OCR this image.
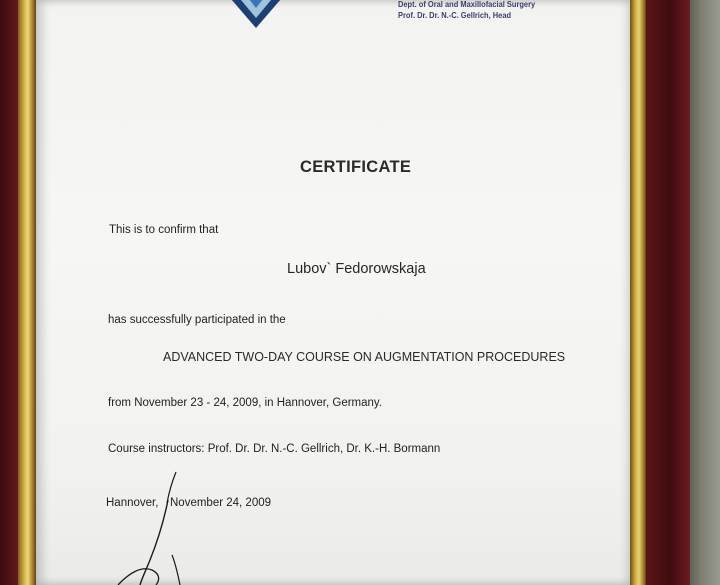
Dept. of Oral and Maxillofacial Surgery
Prof. Dr. Dr. N.-C. Gellrich, Head
CERTIFICATE
This is to confirm that
Lubov` Fedorowskaja
has successfully participated in the
ADVANCED TWO-DAY COURSE ON AUGMENTATION PROCEDURES
from November 23 - 24, 2009, in Hannover, Germany.
Course instructors: Prof. Dr. Dr. N.-C. Gellrich, Dr. K.-H. Bormann
Hannover, November 24, 2009
